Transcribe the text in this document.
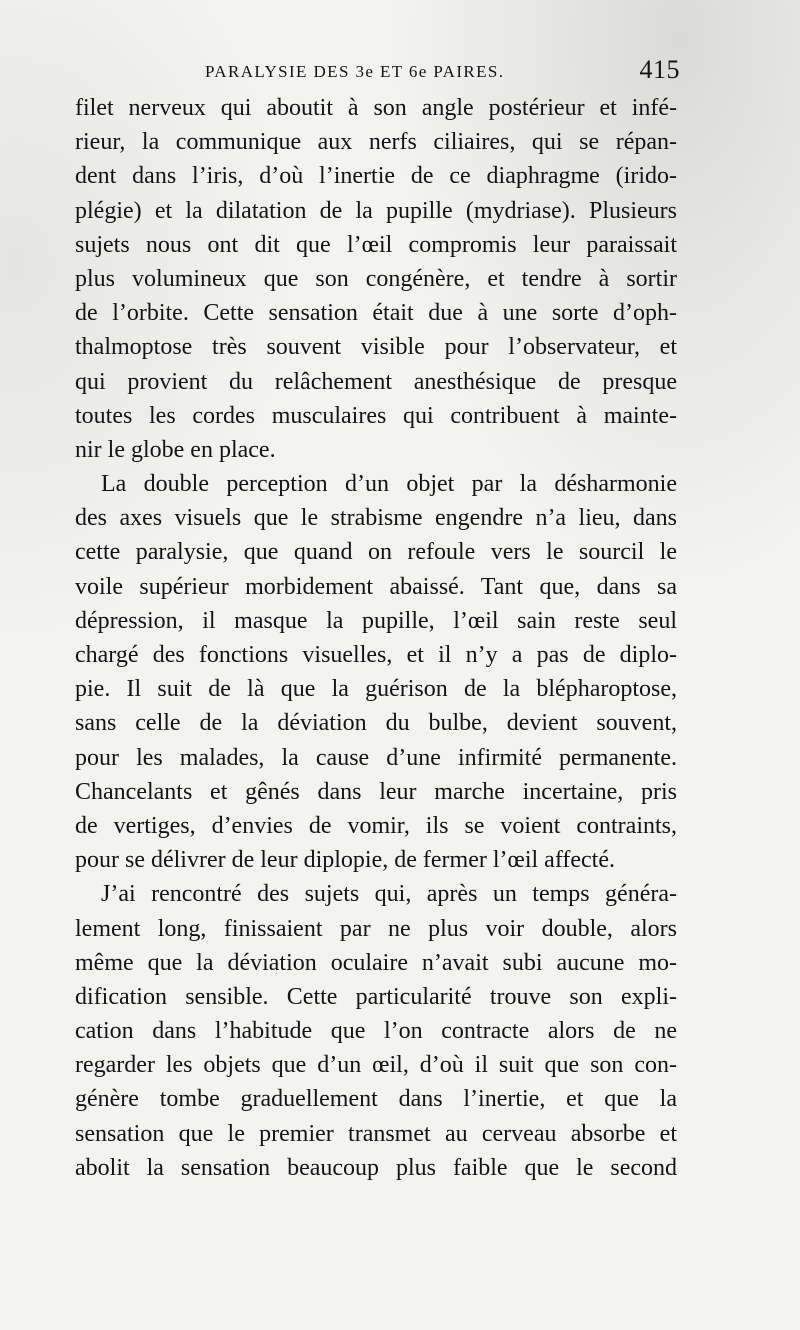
PARALYSIE DES 3e ET 6e PAIRES.	415
filet nerveux qui aboutit à son angle postérieur et infé-
rieur, la communique aux nerfs ciliaires, qui se répan-
dent dans l’iris, d’où l’inertie de ce diaphragme (irido-
plégie) et la dilatation de la pupille (mydriase). Plusieurs
sujets nous ont dit que l’œil compromis leur paraissait
plus volumineux que son congénère, et tendre à sortir
de l’orbite. Cette sensation était due à une sorte d’oph-
thalmoptose très souvent visible pour l’observateur, et
qui provient du relâchement anesthésique de presque
toutes les cordes musculaires qui contribuent à mainte-
nir le globe en place.
La double perception d’un objet par la désharmonie
des axes visuels que le strabisme engendre n’a lieu, dans
cette paralysie, que quand on refoule vers le sourcil le
voile supérieur morbidement abaissé. Tant que, dans sa
dépression, il masque la pupille, l’œil sain reste seul
chargé des fonctions visuelles, et il n’y a pas de diplo-
pie. Il suit de là que la guérison de la blépharoptose,
sans celle de la déviation du bulbe, devient souvent,
pour les malades, la cause d’une infirmité permanente.
Chancelants et gênés dans leur marche incertaine, pris
de vertiges, d’envies de vomir, ils se voient contraints,
pour se délivrer de leur diplopie, de fermer l’œil affecté.
J’ai rencontré des sujets qui, après un temps généra-
lement long, finissaient par ne plus voir double, alors
même que la déviation oculaire n’avait subi aucune mo-
dification sensible. Cette particularité trouve son expli-
cation dans l’habitude que l’on contracte alors de ne
regarder les objets que d’un œil, d’où il suit que son con-
génère tombe graduellement dans l’inertie, et que la
sensation que le premier transmet au cerveau absorbe et
abolit la sensation beaucoup plus faible que le second
